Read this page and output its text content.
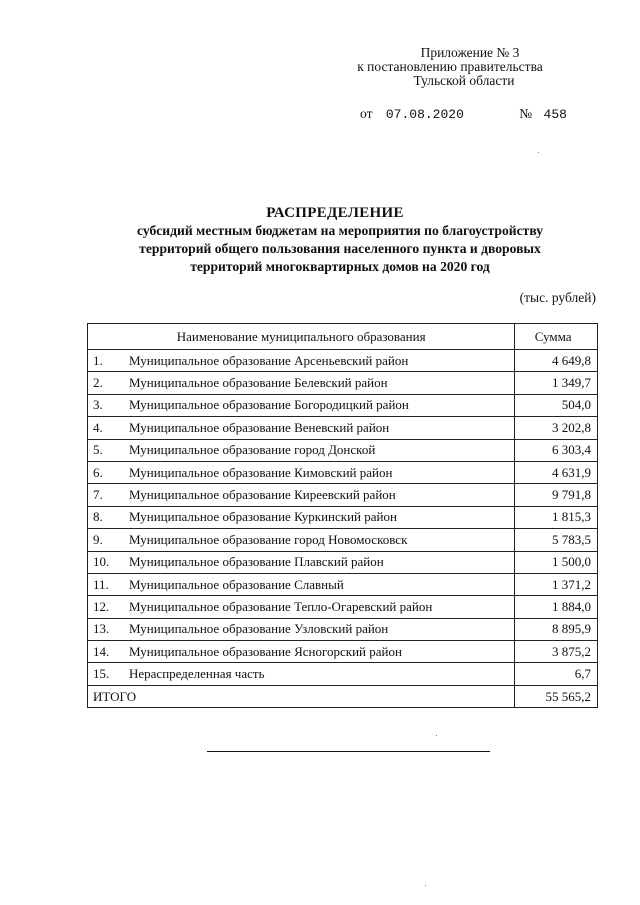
Приложение № 3
к постановлению правительства
Тульской области
от 07.08.2020	№ 458
РАСПРЕДЕЛЕНИЕ
субсидий местным бюджетам на мероприятия по благоустройству
территорий общего пользования населенного пункта и дворовых
территорий многоквартирных домов на 2020 год
(тыс. рублей)
Наименование муниципального образования	Сумма
1. Муниципальное образование Арсеньевский район	4 649,8
2. Муниципальное образование Белевский район	1 349,7
3. Муниципальное образование Богородицкий район	504,0
4. Муниципальное образование Веневский район	3 202,8
5. Муниципальное образование город Донской	6 303,4
6. Муниципальное образование Кимовский район	4 631,9
7. Муниципальное образование Киреевский район	9 791,8
8. Муниципальное образование Куркинский район	1 815,3
9. Муниципальное образование город Новомосковск	5 783,5
10. Муниципальное образование Плавский район	1 500,0
11. Муниципальное образование Славный	1 371,2
12. Муниципальное образование Тепло-Огаревский район	1 884,0
13. Муниципальное образование Узловский район	8 895,9
14. Муниципальное образование Ясногорский район	3 875,2
15. Нераспределенная часть	6,7
ИТОГО	55 565,2
